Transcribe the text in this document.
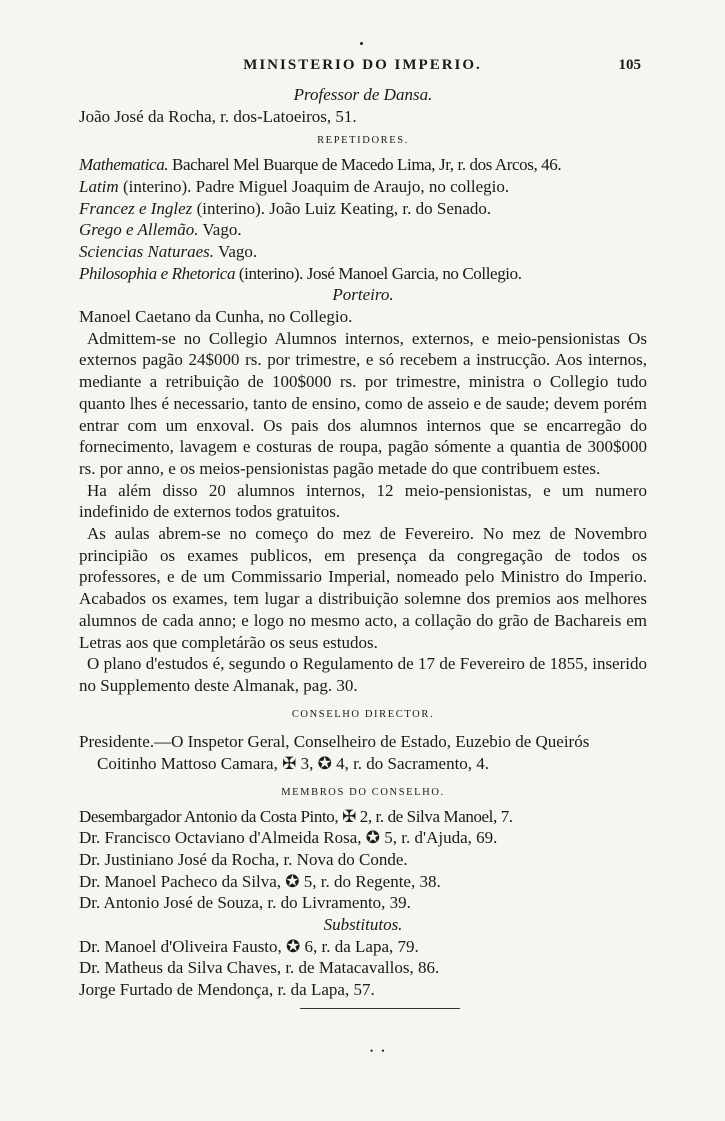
MINISTERIO DO IMPERIO.	105
Professor de Dansa.

João José da Rocha, r. dos-Latoeiros, 51.

REPETIDORES.

Mathematica. Bacharel Mel Buarque de Macedo Lima, Jr, r. dos Arcos, 46.

Latim (interino). Padre Miguel Joaquim de Araujo, no collegio.

Francez e Inglez (interino). João Luiz Keating, r. do Senado.

Grego e Allemão. Vago.

Sciencias Naturaes. Vago.

Philosophia e Rhetorica (interino). José Manoel Garcia, no Collegio.

Porteiro.

Manoel Caetano da Cunha, no Collegio.

Admittem-se no Collegio Alumnos internos, externos, e meio-pensionistas Os externos pagão 24$000 rs. por trimestre, e só recebem a instrucção. Aos internos, mediante a retribuição de 100$000 rs. por trimestre, ministra o Collegio tudo quanto lhes é necessario, tanto de ensino, como de asseio e de saude; devem porém entrar com um enxoval. Os pais dos alumnos internos que se encarregão do fornecimento, lavagem e costuras de roupa, pagão sómente a quantia de 300$000 rs. por anno, e os meios-pensionistas pagão metade do que contribuem estes.

Ha além disso 20 alumnos internos, 12 meio-pensionistas, e um numero indefinido de externos todos gratuitos.

As aulas abrem-se no começo do mez de Fevereiro. No mez de Novembro principião os exames publicos, em presença da congregação de todos os professores, e de um Commissario Imperial, nomeado pelo Ministro do Imperio. Acabados os exames, tem lugar a distribuição solemne dos premios aos melhores alumnos de cada anno; e logo no mesmo acto, a collação do grão de Bachareis em Letras aos que completárão os seus estudos.

O plano d'estudos é, segundo o Regulamento de 17 de Fevereiro de 1855, inserido no Supplemento deste Almanak, pag. 30.

CONSELHO DIRECTOR.

Presidente.—O Inspetor Geral, Conselheiro de Estado, Euzebio de Queirós Coitinho Mattoso Camara, ✠ 3, ✪ 4, r. do Sacramento, 4.

MEMBROS DO CONSELHO.

Desembargador Antonio da Costa Pinto, ✠ 2, r. de Silva Manoel, 7.

Dr. Francisco Octaviano d'Almeida Rosa, ✪ 5, r. d'Ajuda, 69.

Dr. Justiniano José da Rocha, r. Nova do Conde.

Dr. Manoel Pacheco da Silva, ✪ 5, r. do Regente, 38.

Dr. Antonio José de Souza, r. do Livramento, 39.

Substitutos.

Dr. Manoel d'Oliveira Fausto, ✪ 6, r. da Lapa, 79.

Dr. Matheus da Silva Chaves, r. de Matacavallos, 86.

Jorge Furtado de Mendonça, r. da Lapa, 57.

• •
